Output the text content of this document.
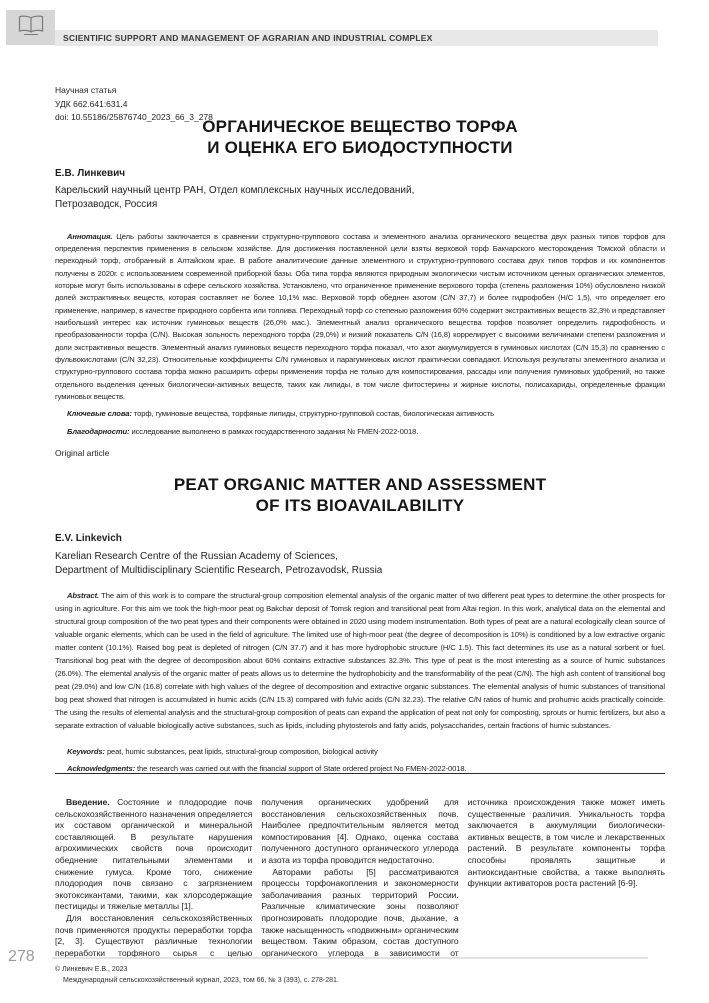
SCIENTIFIC SUPPORT AND MANAGEMENT OF AGRARIAN AND INDUSTRIAL COMPLEX
Научная статья
УДК 662.641:631.4
doi: 10.55186/25876740_2023_66_3_278
ОРГАНИЧЕСКОЕ ВЕЩЕСТВО ТОРФА
И ОЦЕНКА ЕГО БИОДОСТУПНОСТИ
Е.В. Линкевич
Карельский научный центр РАН, Отдел комплексных научных исследований,
Петрозаводск, Россия

Аннотация. Цель работы заключается в сравнении структурно-группового состава и элементного анализа органического вещества двух разных типов торфов для определения перспектив применения в сельском хозяйстве. Для достижения поставленной цели взяты верховой торф Бакчарского месторождения Томской области и переходный торф, отобранный в Алтайском крае. В работе аналитические данные элементного и структурно-группового состава двух типов торфов и их компонентов получены в 2020г. с использованием современной приборной базы. Оба типа торфа являются природным экологически чистым источником ценных органических элементов, которые могут быть использованы в сфере сельского хозяйства. Установлено, что ограниченное применение верхового торфа (степень разложения 10%) обусловлено низкой долей экстрактивных веществ, которая составляет не более 10,1% мас. Верховой торф обеднен азотом (C/N 37,7) и более гидрофобен (H/C 1,5), что определяет его применение, например, в качестве природного сорбента или топлива. Переходный торф со степенью разложения 60% содержит экстрактивных веществ 32,3% и представляет наибольший интерес как источник гуминовых веществ (26,0% мас.). Элементный анализ органического вещества торфов позволяет определить гидрофобность и преобразованности торфа (C/N). Высокая зольность переходного торфа (29,0%) и низкий показатель C/N (16,8) коррелирует с высокими величинами степени разложения и доли экстрактивных веществ. Элементный анализ гуминовых веществ переходного торфа показал, что азот аккумулируется в гуминовых кислотах (C/N 15,3) по сравнению с фульвокислотами (C/N 32,23). Относительные коэффициенты C/N гуминовых и парагуминовых кислот практически совпадают. Используя результаты элементного анализа и структурно-группового состава торфа можно расширить сферы применения торфа не только для компостирования, рассады или получения гуминовых удобрений, но также отдельного выделения ценных биологически-активных веществ, таких как липиды, в том числе фитостерины и жирные кислоты, полисахариды, определенные фракции гуминовых веществ.

Ключевые слова: торф, гуминовые вещества, торфяные липиды, структурно-групповой состав, биологическая активность

Благодарности: исследование выполнено в рамках государственного задания № FMEN-2022-0018.

Original article
PEAT ORGANIC MATTER AND ASSESSMENT
OF ITS BIOAVAILABILITY
E.V. Linkevich
Karelian Research Centre of the Russian Academy of Sciences,
Department of Multidisciplinary Scientific Research, Petrozavodsk, Russia

Abstract. The aim of this work is to compare the structural-group composition elemental analysis of the organic matter of two different peat types to determine the other prospects for using in agriculture. For this aim we took the high-moor peat og Bakchar deposit of Tomsk region and transitional peat from Altai region. In this work, analytical data on the elemental and structural group composition of the two peat types and their components were obtained in 2020 using modern instrumentation. Both types of peat are a natural ecologically clean source of valuable organic elements, which can be used in the field of agriculture. The limited use of high-moor peat (the degree of decomposition is 10%) is conditioned by a low extractive organic matter content (10.1%). Raised bog peat is depleted of nitrogen (C/N 37.7) and it has more hydrophobic structure (H/C 1.5). This fact determines its use as a natural sorbent or fuel. Transitional bog peat with the degree of decomposition about 60% contains extractive substances 32.3%. This type of peat is the most interesting as a source of humic substances (26.0%). The elemental analysis of the organic matter of peats allows us to determine the hydrophobicity and the transformability of the peat (C/N). The high ash content of transitional bog peat (29.0%) and low C/N (16.8) correlate with high values of the degree of decomposition and extractive organic substances. The elemental analysis of humic substances of transitional bog peat showed that nitrogen is accumulated in humic acids (C/N 15.3) compared with fulvic acids (C/N 32.23). The relative C/N ratios of humic and prohumic acids practically coincide. The using the results of elemental analysis and the structural-group composition of peats can expand the application of peat not only for composting, sprouts or humic fertilizers, but also a separate extraction of valuable biologically active substances, such as lipids, including phytosterols and fatty acids, polysaccharides, certain fractions of humic substances.

Keywords: peat, humic substances, peat lipids, structural-group composition, biological activity

Acknowledgments: the research was carried out with the financial support of State ordered project No FMEN-2022-0018.

Введение. Состояние и плодородие почв сельскохозяйственного назначения определяется их составом органической и минеральной составляющей. В результате нарушения агрохимических свойств почв происходит обеднение питательными элементами и снижение гумуса. Кроме того, снижение плодородия почв связано с загрязнением экотоксикантами, такими, как хлорсодержащие пестициды и тяжелые металлы [1].

Для восстановления сельскохозяйственных почв применяются продукты переработки торфа [2, 3]. Существуют различные технологии переработки торфяного сырья с целью получения органических удобрений для восстановления сельскохозяйственных почв. Наиболее предпочтительным является метод компостирования [4]. Однако, оценка состава полученного доступного органического углерода и азота из торфа проводится недостаточно.

Авторами работы [5] рассматриваются процессы торфонакопления и закономерности заболачивания разных территорий России. Различные климатические зоны позволяют прогнозировать плодородие почв, дыхание, а также насыщенность «подвижным» органическим веществом. Таким образом, состав доступного органического углерода в зависимости от источника происхождения также может иметь существенные различия. Уникальность торфа заключается в аккумуляции биологически-активных веществ, в том числе и лекарственных растений. В результате компоненты торфа способны проявлять защитные и антиоксидантные свойства, а также выполнять функции активаторов роста растений [6-9].

278
© Линкевич Е.В., 2023
Международный сельскохозяйственный журнал, 2023, том 66, № 3 (393), с. 278-281.
